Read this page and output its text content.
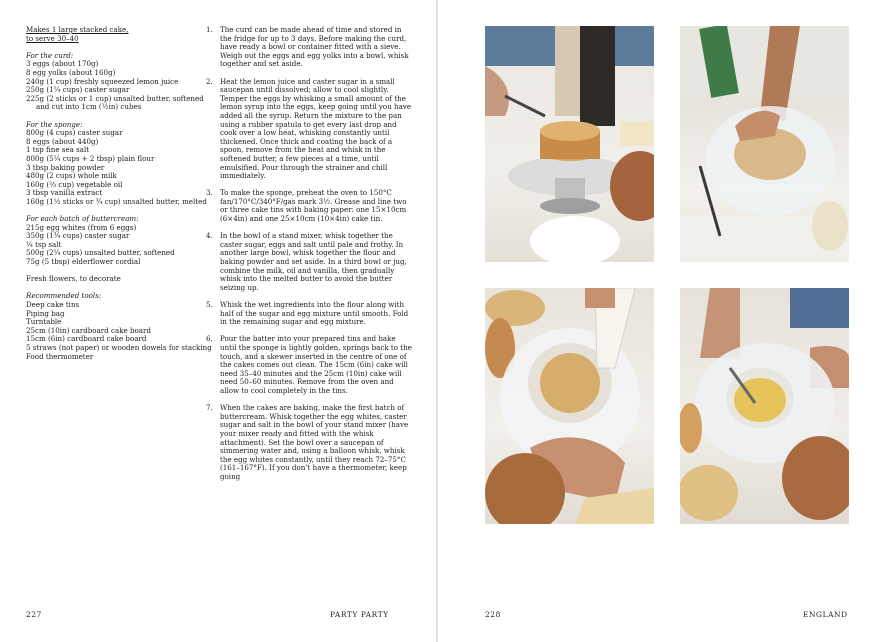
Makes 1 large stacked cake,
to serve 30–40
For the curd:
3 eggs (about 170g)
8 egg yolks (about 160g)
240g (1 cup) freshly squeezed lemon juice
250g (1¼ cups) caster sugar
225g (2 sticks or 1 cup) unsalted butter, softened and cut into 1cm (½in) cubes
For the sponge:
800g (4 cups) caster sugar
8 eggs (about 440g)
1 tsp fine sea salt
800g (5¼ cups + 2 tbsp) plain flour
3 tbsp baking powder
480g (2 cups) whole milk
160g (⅔ cup) vegetable oil
3 tbsp vanilla extract
160g (1½ sticks or ¾ cup) unsalted butter, melted
For each batch of buttercream:
215g egg whites (from 6 eggs)
350g (1¾ cups) caster sugar
¼ tsp salt
500g (2¼ cups) unsalted butter, softened
75g (5 tbsp) elderflower cordial
Fresh flowers, to decorate
Recommended tools:
Deep cake tins
Piping bag
Turntable
25cm (10in) cardboard cake board
15cm (6in) cardboard cake board
5 straws (not paper) or wooden dowels for stacking
Food thermometer
1.	The curd can be made ahead of time and stored in the fridge for up to 3 days. Before making the curd, have ready a bowl or container fitted with a sieve. Weigh out the eggs and egg yolks into a bowl, whisk together and set aside.
2.	Heat the lemon juice and caster sugar in a small saucepan until dissolved; allow to cool slightly. Temper the eggs by whisking a small amount of the lemon syrup into the eggs, keep going until you have added all the syrup. Return the mixture to the pan using a rubber spatula to get every last drop and cook over a low heat, whisking constantly until thickened. Once thick and coating the back of a spoon, remove from the heat and whisk in the softened butter, a few pieces at a time, until emulsified. Pour through the strainer and chill immediately.
3.	To make the sponge, preheat the oven to 150°C fan/170°C/340°F/gas mark 3½. Grease and line two or three cake tins with baking paper: one 15×10cm (6×4in) and one 25×10cm (10×4in) cake tin.
4.	In the bowl of a stand mixer, whisk together the caster sugar, eggs and salt until pale and frothy. In another large bowl, whisk together the flour and baking powder and set aside. In a third bowl or jug, combine the milk, oil and vanilla, then gradually whisk into the melted butter to avoid the butter seizing up.
5.	Whisk the wet ingredients into the flour along with half of the sugar and egg mixture until smooth. Fold in the remaining sugar and egg mixture.
6.	Pour the batter into your prepared tins and bake until the sponge is lightly golden, springs back to the touch, and a skewer inserted in the centre of one of the cakes comes out clean. The 15cm (6in) cake will need 35–40 minutes and the 25cm (10in) cake will need 50–60 minutes. Remove from the oven and allow to cool completely in the tins.
7.	When the cakes are baking, make the first batch of buttercream. Whisk together the egg whites, caster sugar and salt in the bowl of your stand mixer (have your mixer ready and fitted with the whisk attachment). Set the bowl over a saucepan of simmering water and, using a balloon whisk, whisk the egg whites constantly, until they reach 72–75°C (161–167°F). If you don’t have a thermometer, keep going
227	PARTY PARTY	228	ENGLAND
